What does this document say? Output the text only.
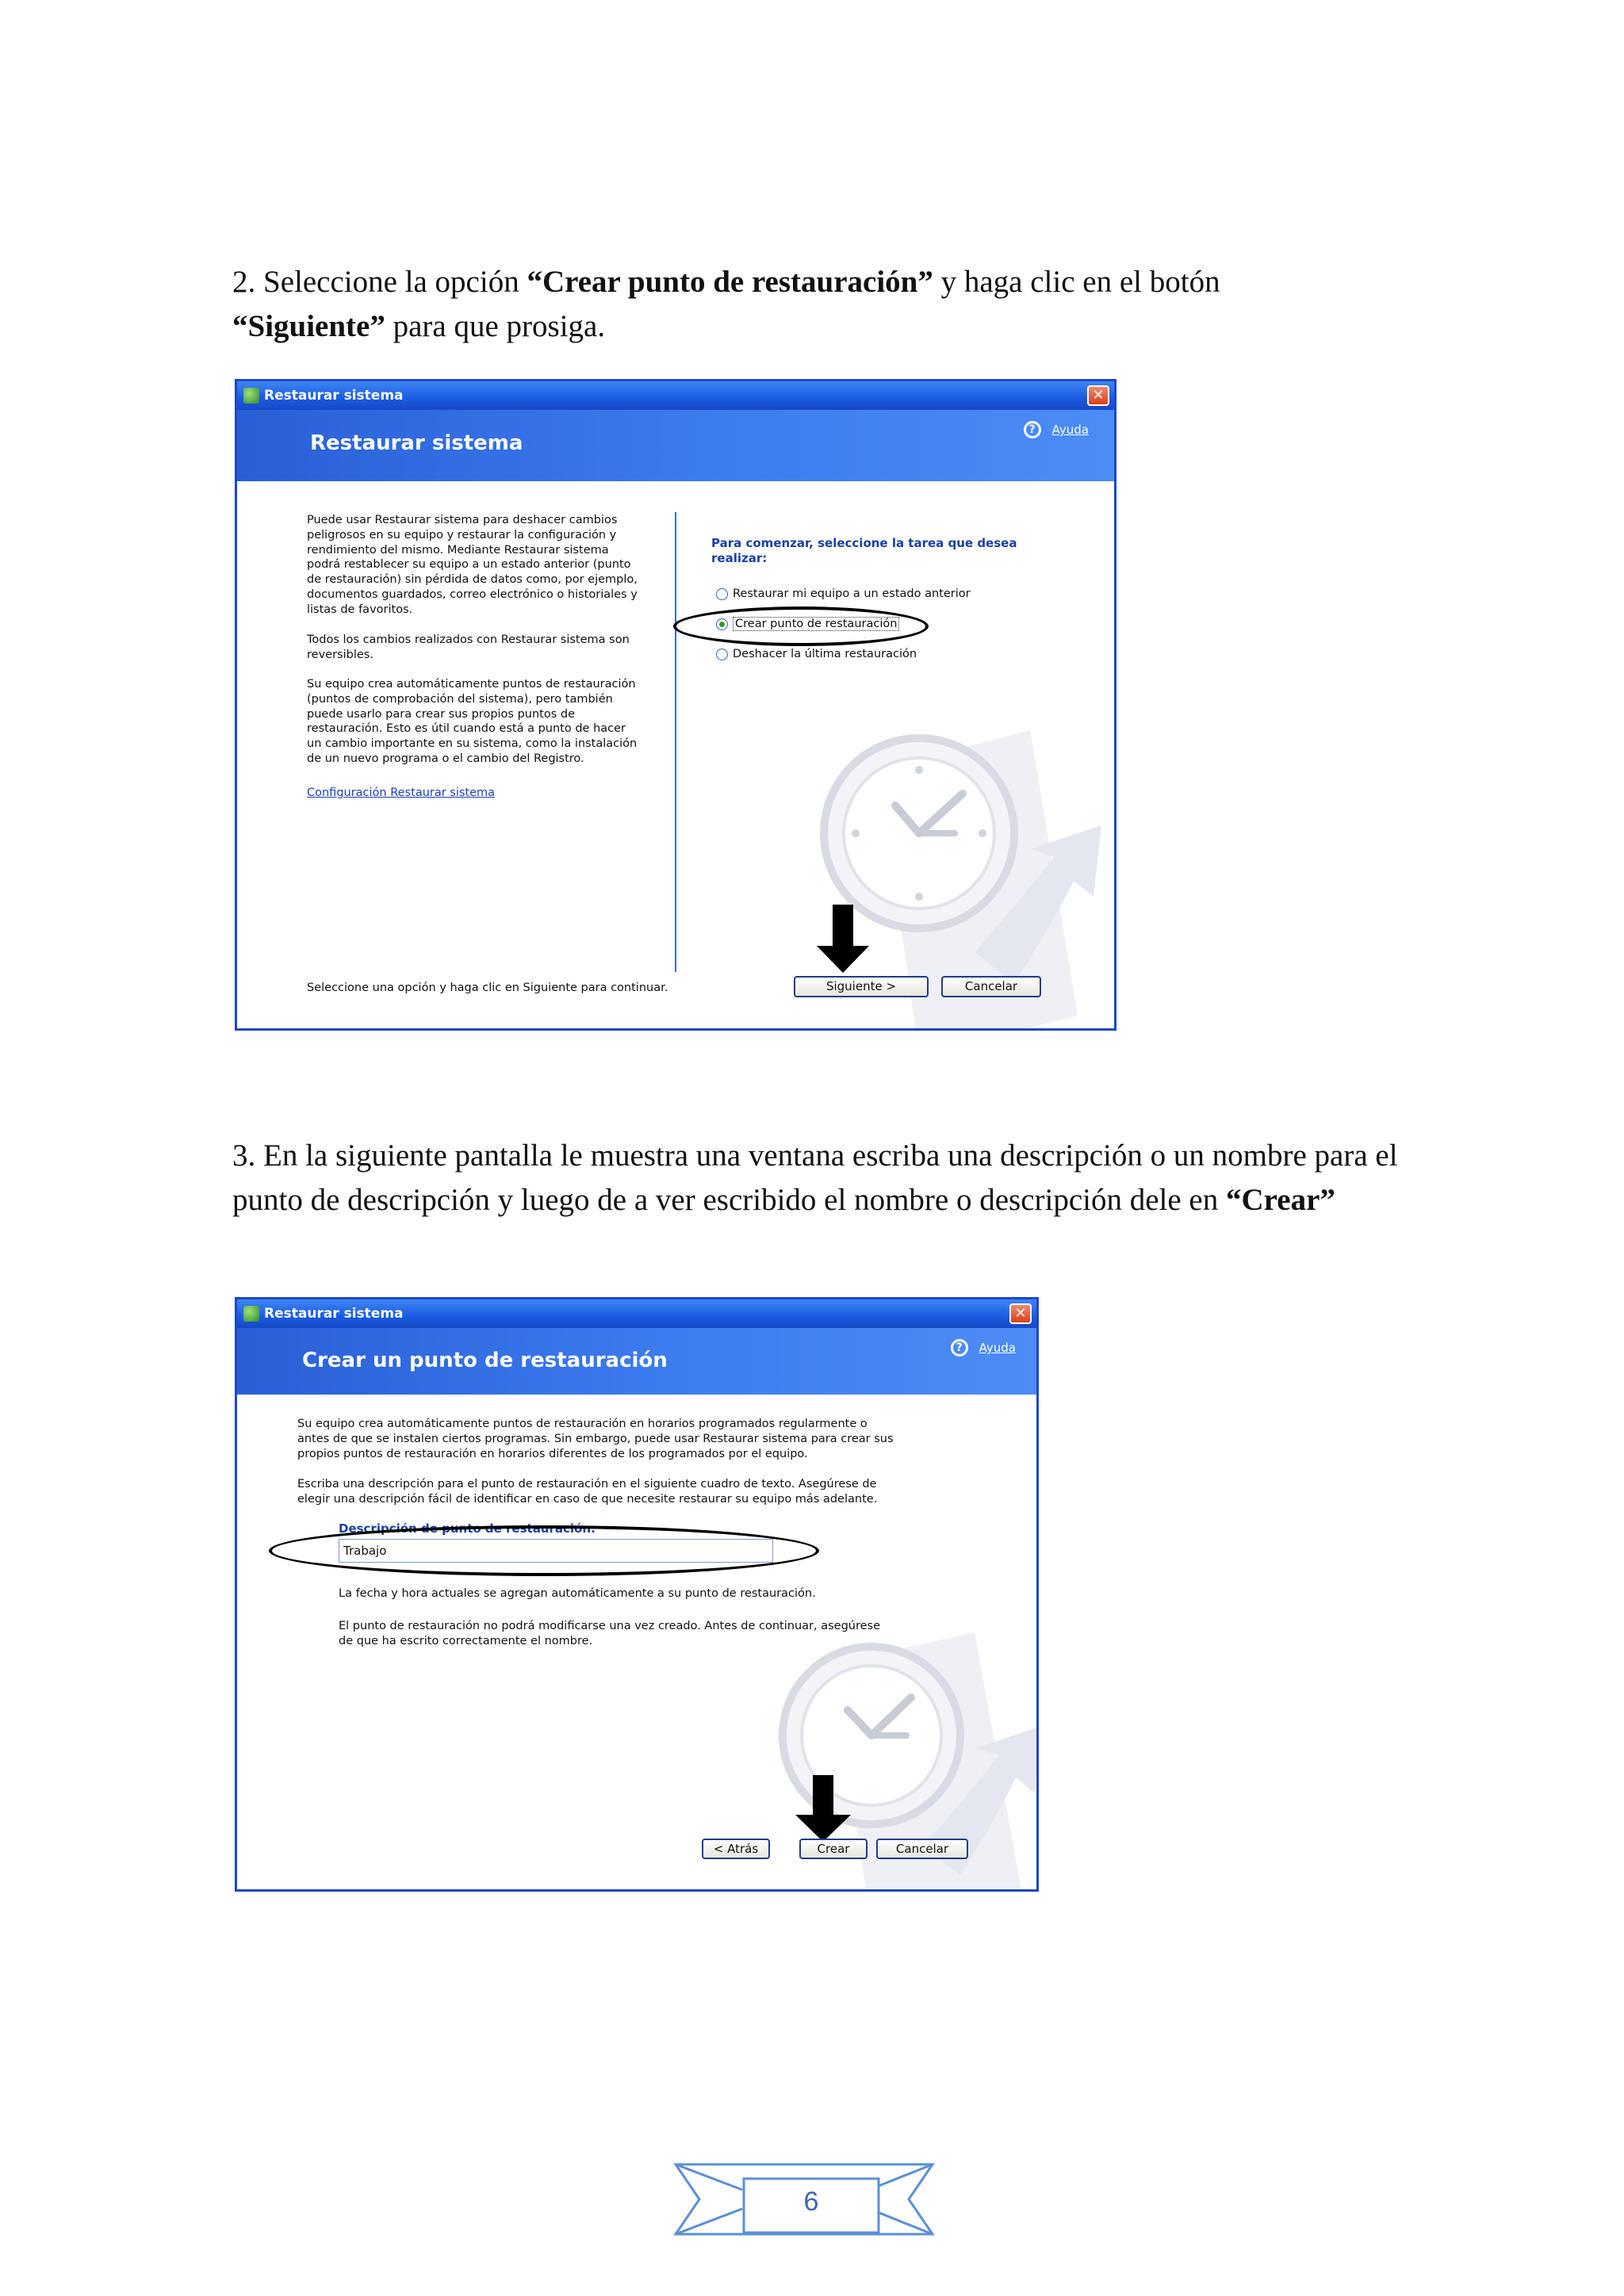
2. Seleccione la opción “Crear punto de restauración” y haga clic en el botón
“Siguiente” para que prosiga.

Restaurar sistema	✕
Restaurar sistema
? Ayuda

Puede usar Restaurar sistema para deshacer cambios peligrosos en su equipo y restaurar la configuración y rendimiento del mismo. Mediante Restaurar sistema podrá restablecer su equipo a un estado anterior (punto de restauración) sin pérdida de datos como, por ejemplo, documentos guardados, correo electrónico o historiales y listas de favoritos.

Todos los cambios realizados con Restaurar sistema son reversibles.

Su equipo crea automáticamente puntos de restauración (puntos de comprobación del sistema), pero también puede usarlo para crear sus propios puntos de restauración. Esto es útil cuando está a punto de hacer un cambio importante en su sistema, como la instalación de un nuevo programa o el cambio del Registro.

Configuración Restaurar sistema

Para comenzar, seleccione la tarea que desea realizar:

Restaurar mi equipo a un estado anterior
Crear punto de restauración
Deshacer la última restauración
Seleccione una opción y haga clic en Siguiente para continuar.	Siguiente >	Cancelar

3. En la siguiente pantalla le muestra una ventana escriba una descripción o un nombre para el punto de descripción y luego de a ver escribido el nombre o descripción dele en “Crear”

Restaurar sistema	✕
Crear un punto de restauración
? Ayuda

Su equipo crea automáticamente puntos de restauración en horarios programados regularmente o antes de que se instalen ciertos programas. Sin embargo, puede usar Restaurar sistema para crear sus propios puntos de restauración en horarios diferentes de los programados por el equipo.

Escriba una descripción para el punto de restauración en el siguiente cuadro de texto. Asegúrese de elegir una descripción fácil de identificar en caso de que necesite restaurar su equipo más adelante.

Descripción de punto de restauración:
Trabajo

La fecha y hora actuales se agregan automáticamente a su punto de restauración.

El punto de restauración no podrá modificarse una vez creado. Antes de continuar, asegúrese de que ha escrito correctamente el nombre.

< Atrás	Crear	Cancelar
6
